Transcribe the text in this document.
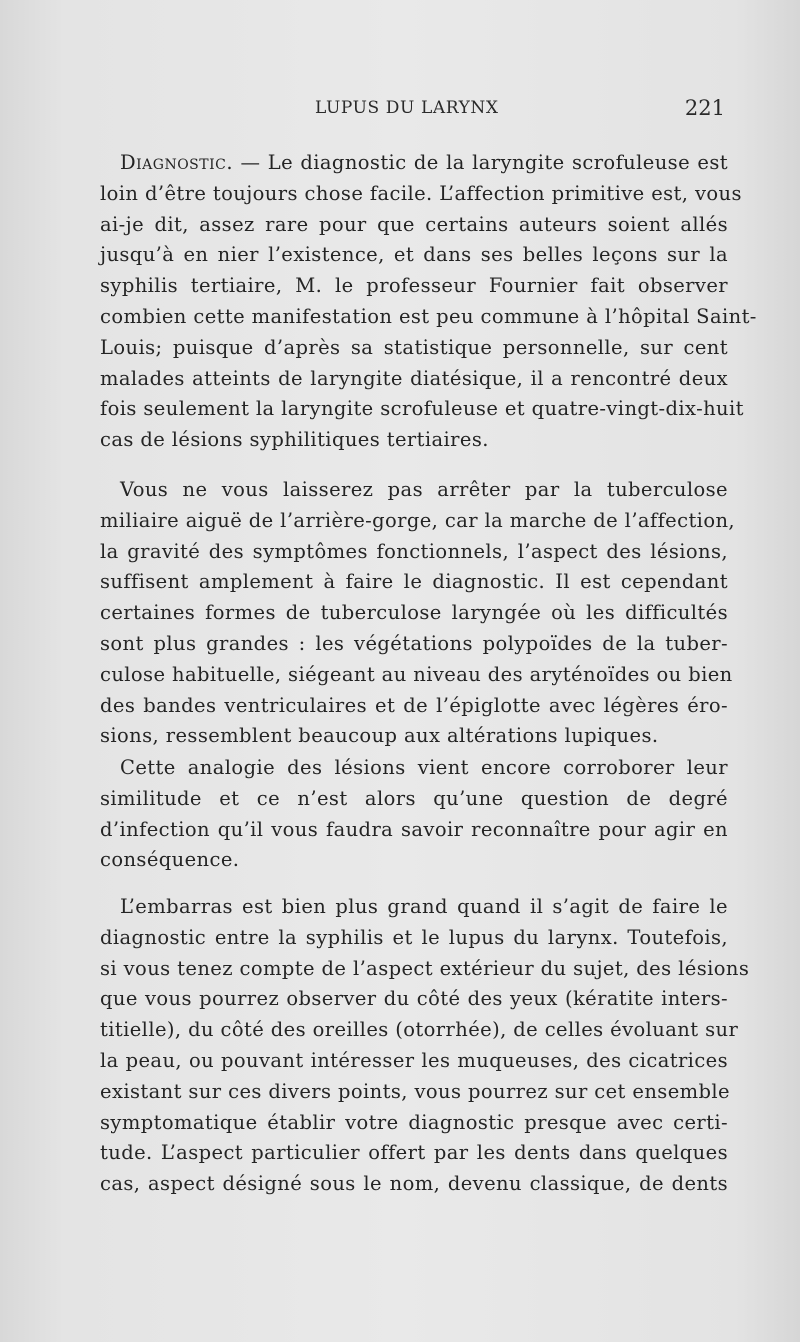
LUPUS DU LARYNX	221
Diagnostic. — Le diagnostic de la laryngite scrofuleuse est
loin d’être toujours chose facile. L’affection primitive est, vous
ai-je dit, assez rare pour que certains auteurs soient allés
jusqu’à en nier l’existence, et dans ses belles leçons sur la
syphilis tertiaire, M. le professeur Fournier fait observer
combien cette manifestation est peu commune à l’hôpital Saint-
Louis; puisque d’après sa statistique personnelle, sur cent
malades atteints de laryngite diatésique, il a rencontré deux
fois seulement la laryngite scrofuleuse et quatre-vingt-dix-huit
cas de lésions syphilitiques tertiaires.
Vous ne vous laisserez pas arrêter par la tuberculose
miliaire aiguë de l’arrière-gorge, car la marche de l’affection,
la gravité des symptômes fonctionnels, l’aspect des lésions,
suffisent amplement à faire le diagnostic. Il est cependant
certaines formes de tuberculose laryngée où les difficultés
sont plus grandes : les végétations polypoïdes de la tuber-
culose habituelle, siégeant au niveau des aryténoïdes ou bien
des bandes ventriculaires et de l’épiglotte avec légères éro-
sions, ressemblent beaucoup aux altérations lupiques.
Cette analogie des lésions vient encore corroborer leur
similitude et ce n’est alors qu’une question de degré
d’infection qu’il vous faudra savoir reconnaître pour agir en
conséquence.
L’embarras est bien plus grand quand il s’agit de faire le
diagnostic entre la syphilis et le lupus du larynx. Toutefois,
si vous tenez compte de l’aspect extérieur du sujet, des lésions
que vous pourrez observer du côté des yeux (kératite inters-
titielle), du côté des oreilles (otorrhée), de celles évoluant sur
la peau, ou pouvant intéresser les muqueuses, des cicatrices
existant sur ces divers points, vous pourrez sur cet ensemble
symptomatique établir votre diagnostic presque avec certi-
tude. L’aspect particulier offert par les dents dans quelques
cas, aspect désigné sous le nom, devenu classique, de dents
